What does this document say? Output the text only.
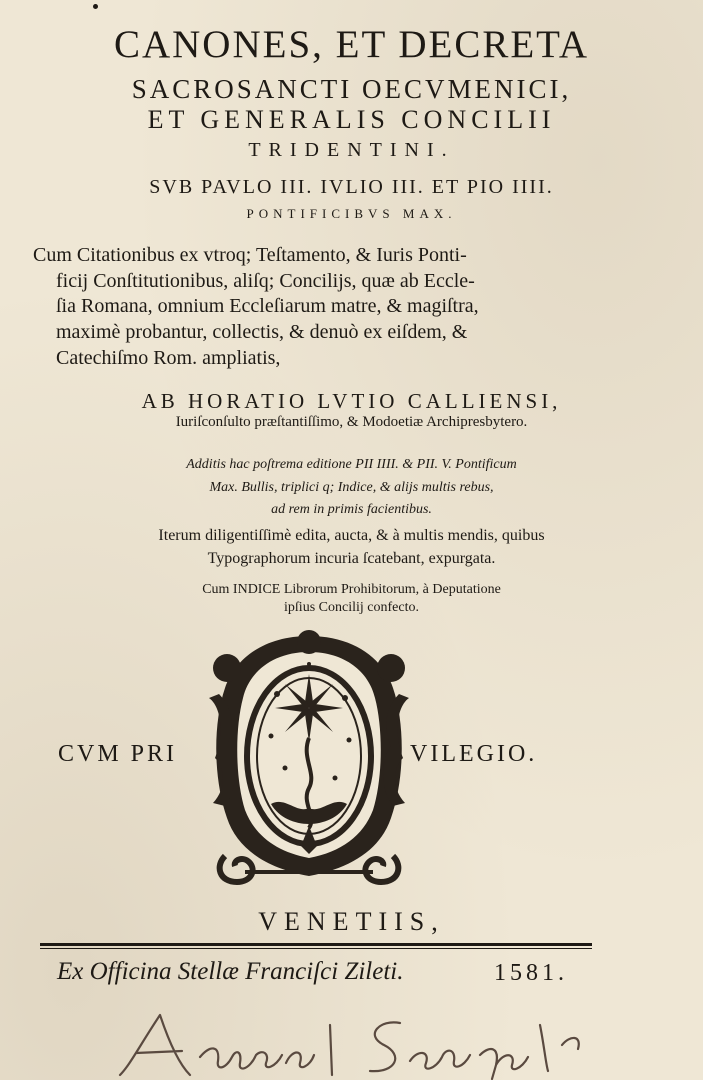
CANONES, ET DECRETA
SACROSANCTI OECVMENICI,
ET GENERALIS CONCILII
TRIDENTINI.
SVB PAVLO III. IVLIO III. ET PIO IIII.
PONTIFICIBVS MAX.
Cum Citationibus ex vtroq; Teſtamento, & Iuris Ponti-
ficij Conſtitutionibus, aliſq; Concilijs, quæ ab Eccle-
ſia Romana, omnium Eccleſiarum matre, & magiſtra,
maximè probantur, collectis, & denuò ex eiſdem, &
Catechiſmo Rom. ampliatis,
AB HORATIO LVTIO CALLIENSI,
Iuriſconſulto præſtantiſſimo, & Modoetiæ Archipresbytero.
Additis hac poſtrema editione PII IIII. & PII. V. Pontificum
Max. Bullis, triplici q; Indice, & alijs multis rebus,
ad rem in primis facientibus.
Iterum diligentiſſimè edita, aucta, & à multis mendis, quibus
Typographorum incuria ſcatebant, expurgata.
Cum INDICE Librorum Prohibitorum, à Deputatione
ipſius Concilij confecto.
CVM PRI	VILEGIO.
VENETIIS,
Ex Officina Stellæ Franciſci Zileti.	1581.
